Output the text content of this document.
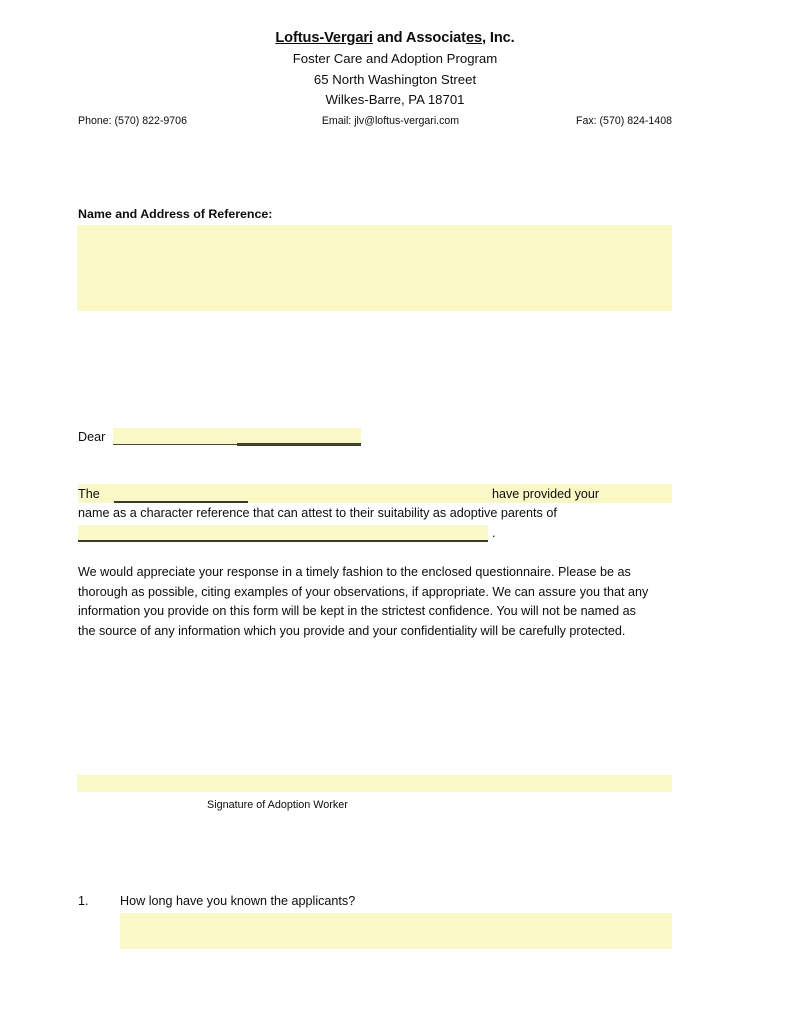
Loftus-Vergari and Associates, Inc.
Foster Care and Adoption Program
65 North Washington Street
Wilkes-Barre, PA 18701
Phone: (570) 822-9706	Email: jlv@loftus-vergari.com	Fax: (570) 824-1408
Name and Address of Reference:
Dear
The	have provided your
name as a character reference that can attest to their suitability as adoptive parents of
.
We would appreciate your response in a timely fashion to the enclosed questionnaire. Please be as thorough as possible, citing examples of your observations, if appropriate. We can assure you that any information you provide on this form will be kept in the strictest confidence. You will not be named as the source of any information which you provide and your confidentiality will be carefully protected.
Signature of Adoption Worker
1. How long have you known the applicants?
